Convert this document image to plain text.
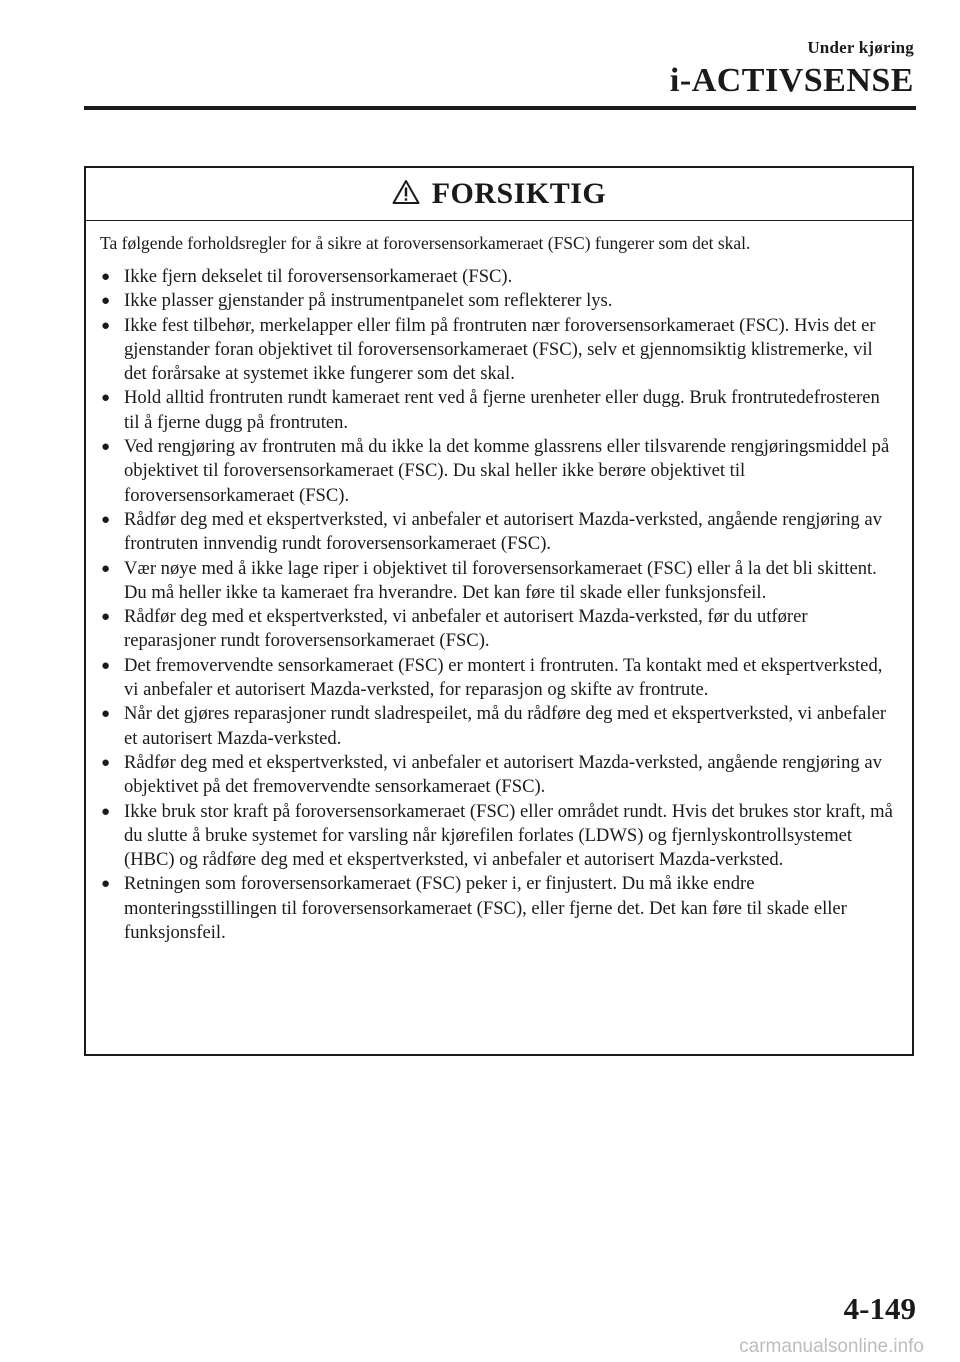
Under kjøring
i-ACTIVSENSE
FORSIKTIG

Ta følgende forholdsregler for å sikre at foroversensorkameraet (FSC) fungerer som det skal.

● Ikke fjern dekselet til foroversensorkameraet (FSC).
● Ikke plasser gjenstander på instrumentpanelet som reflekterer lys.
● Ikke fest tilbehør, merkelapper eller film på frontruten nær foroversensorkameraet (FSC). Hvis det er gjenstander foran objektivet til foroversensorkameraet (FSC), selv et gjennomsiktig klistremerke, vil det forårsake at systemet ikke fungerer som det skal.
● Hold alltid frontruten rundt kameraet rent ved å fjerne urenheter eller dugg. Bruk frontrutedefrosteren til å fjerne dugg på frontruten.
● Ved rengjøring av frontruten må du ikke la det komme glassrens eller tilsvarende rengjøringsmiddel på objektivet til foroversensorkameraet (FSC). Du skal heller ikke berøre objektivet til foroversensorkameraet (FSC).
● Rådfør deg med et ekspertverksted, vi anbefaler et autorisert Mazda-verksted, angående rengjøring av frontruten innvendig rundt foroversensorkameraet (FSC).
● Vær nøye med å ikke lage riper i objektivet til foroversensorkameraet (FSC) eller å la det bli skittent. Du må heller ikke ta kameraet fra hverandre. Det kan føre til skade eller funksjonsfeil.
● Rådfør deg med et ekspertverksted, vi anbefaler et autorisert Mazda-verksted, før du utfører reparasjoner rundt foroversensorkameraet (FSC).
● Det fremovervendte sensorkameraet (FSC) er montert i frontruten. Ta kontakt med et ekspertverksted, vi anbefaler et autorisert Mazda-verksted, for reparasjon og skifte av frontrute.
● Når det gjøres reparasjoner rundt sladrespeilet, må du rådføre deg med et ekspertverksted, vi anbefaler et autorisert Mazda-verksted.
● Rådfør deg med et ekspertverksted, vi anbefaler et autorisert Mazda-verksted, angående rengjøring av objektivet på det fremovervendte sensorkameraet (FSC).
● Ikke bruk stor kraft på foroversensorkameraet (FSC) eller området rundt. Hvis det brukes stor kraft, må du slutte å bruke systemet for varsling når kjørefilen forlates (LDWS) og fjernlyskontrollsystemet (HBC) og rådføre deg med et ekspertverksted, vi anbefaler et autorisert Mazda-verksted.
● Retningen som foroversensorkameraet (FSC) peker i, er finjustert. Du må ikke endre monteringsstillingen til foroversensorkameraet (FSC), eller fjerne det. Det kan føre til skade eller funksjonsfeil.
4-149
carmanualsonline.info
